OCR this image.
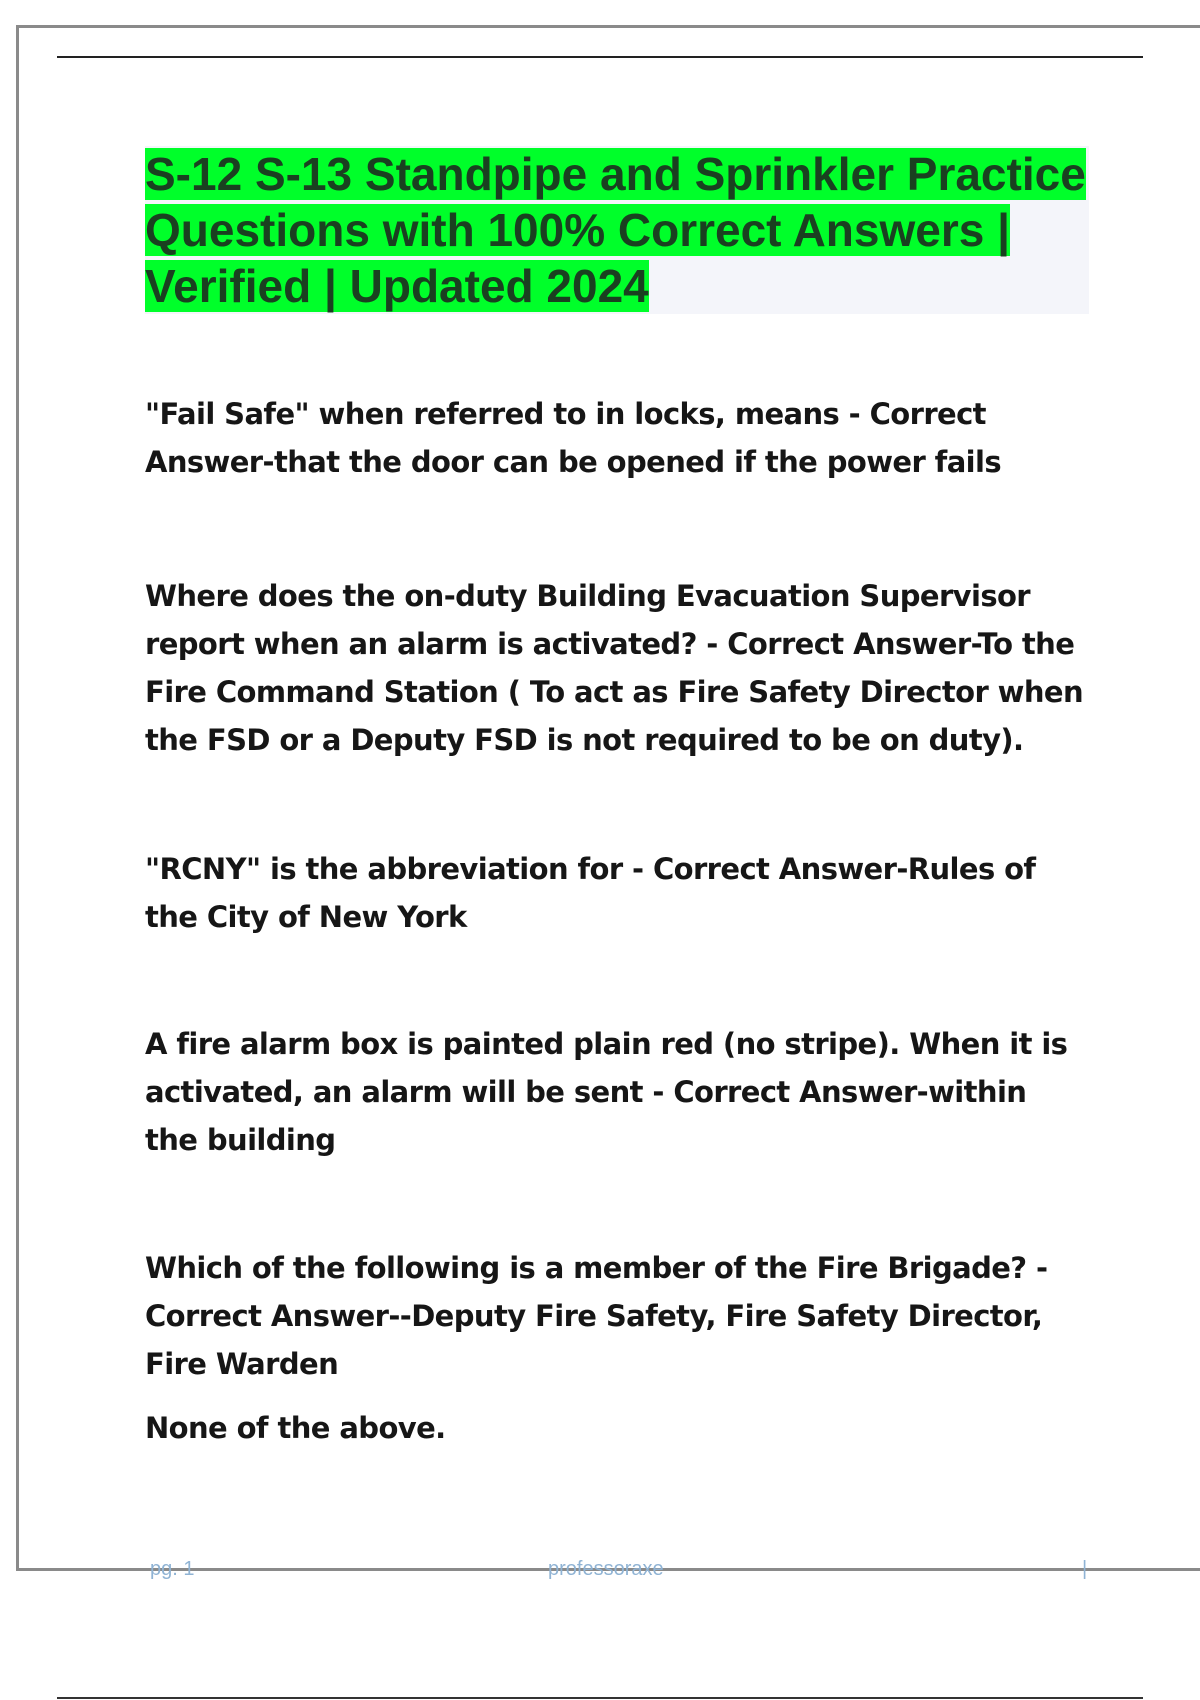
S-12 S-13 Standpipe and Sprinkler Practice Questions with 100% Correct Answers | Verified | Updated 2024

"Fail Safe" when referred to in locks, means - Correct Answer-that the door can be opened if the power fails

Where does the on-duty Building Evacuation Supervisor report when an alarm is activated? - Correct Answer-To the Fire Command Station ( To act as Fire Safety Director when the FSD or a Deputy FSD is not required to be on duty).

"RCNY" is the abbreviation for - Correct Answer-Rules of the City of New York

A fire alarm box is painted plain red (no stripe). When it is activated, an alarm will be sent - Correct Answer-within the building

Which of the following is a member of the Fire Brigade? - Correct Answer--Deputy Fire Safety, Fire Safety Director, Fire Warden

None of the above.

pg. 1	professoraxe	|
